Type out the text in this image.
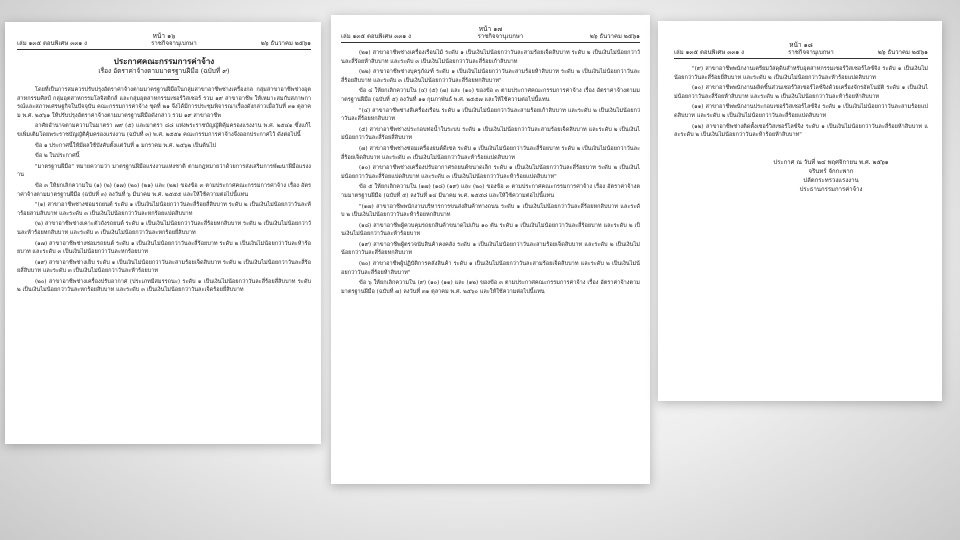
หน้า ๑๖
เล่ม ๑๓๕ ตอนพิเศษ ๓๓๑ ง	ราชกิจจานุเบกษา	๒๖ ธันวาคม ๒๕๖๑
ประกาศคณะกรรมการค่าจ้าง
เรื่อง อัตราค่าจ้างตามมาตรฐานฝีมือ (ฉบับที่ ๙)

โดยที่เป็นการสมควรปรับปรุงอัตราค่าจ้างตามมาตรฐานฝีมือในกลุ่มสาขาอาชีพช่างเครื่องกล กลุ่มสาขาอาชีพช่างอุตสาหกรรมศิลป์ กลุ่มอุตสาหกรรมโลจิสติกส์ และกลุ่มอุตสาหกรรมเซอร์วิสเซอร์ รวม ๑๙ สาขาอาชีพ ให้เหมาะสมกับสภาพการณ์และสภาพเศรษฐกิจในปัจจุบัน คณะกรรมการค่าจ้าง ชุดที่ ๒๑ จึงได้มีการประชุมพิจารณาเรื่องดังกล่าวเมื่อวันที่ ๓๑ ตุลาคม พ.ศ. ๒๕๖๑ ให้ปรับปรุงอัตราค่าจ้างตามมาตรฐานฝีมือดังกล่าว รวม ๑๙ สาขาอาชีพ

อาศัยอำนาจตามความในมาตรา ๗๙ (๕) และมาตรา ๘๘ แห่งพระราชบัญญัติคุ้มครองแรงงาน พ.ศ. ๒๕๔๑ ซึ่งแก้ไขเพิ่มเติมโดยพระราชบัญญัติคุ้มครองแรงงาน (ฉบับที่ ๓) พ.ศ. ๒๕๕๑ คณะกรรมการค่าจ้างจึงออกประกาศไว้ ดังต่อไปนี้

ข้อ ๑ ประกาศนี้ให้มีผลใช้บังคับตั้งแต่วันที่ ๑ มกราคม พ.ศ. ๒๕๖๒ เป็นต้นไป

ข้อ ๒ ในประกาศนี้

"มาตรฐานฝีมือ" หมายความว่า มาตรฐานฝีมือแรงงานแห่งชาติ ตามกฎหมายว่าด้วยการส่งเสริมการพัฒนาฝีมือแรงงาน

ข้อ ๓ ให้ยกเลิกความใน (๑) (๒) (๑๗) (๒๐) (๒๑) และ (๒๒) ของข้อ ๓ ตามประกาศคณะกรรมการค่าจ้าง เรื่อง อัตราค่าจ้างตามมาตรฐานฝีมือ (ฉบับที่ ๓) ลงวันที่ ๖ มีนาคม พ.ศ. ๒๕๕๕ และให้ใช้ความต่อไปนี้แทน

"(๑) สาขาอาชีพช่างซ่อมรถยนต์ ระดับ ๑ เป็นเงินไม่น้อยกว่าวันละสี่ร้อยสี่สิบบาท ระดับ ๒ เป็นเงินไม่น้อยกว่าวันละห้าร้อยสามสิบบาท และระดับ ๓ เป็นเงินไม่น้อยกว่าวันละหกร้อยแปดสิบบาท

(๒) สาขาอาชีพช่างเคาะตัวถังรถยนต์ ระดับ ๑ เป็นเงินไม่น้อยกว่าวันละสี่ร้อยหกสิบบาท ระดับ ๒ เป็นเงินไม่น้อยกว่าวันละห้าร้อยหกสิบบาท และระดับ ๓ เป็นเงินไม่น้อยกว่าวันละหกร้อยยี่สิบบาท

(๑๗) สาขาอาชีพช่างซ่อมรถยนต์ ระดับ ๑ เป็นเงินไม่น้อยกว่าวันละสี่ร้อยบาท ระดับ ๒ เป็นเงินไม่น้อยกว่าวันละห้าร้อยบาท และระดับ ๓ เป็นเงินไม่น้อยกว่าวันละหกร้อยบาท

(๑๙) สาขาอาชีพช่างเย็บ ระดับ ๑ เป็นเงินไม่น้อยกว่าวันละสามร้อยเจ็ดสิบบาท ระดับ ๒ เป็นเงินไม่น้อยกว่าวันละสี่ร้อยสี่สิบบาท และระดับ ๓ เป็นเงินไม่น้อยกว่าวันละห้าร้อยบาท

(๒๐) สาขาอาชีพช่างเครื่องปรับอากาศ (ประเภทมีสมรรถนะ) ระดับ ๑ เป็นเงินไม่น้อยกว่าวันละสี่ร้อยสี่สิบบาท ระดับ ๒ เป็นเงินไม่น้อยกว่าวันละหกร้อยสิบบาท และระดับ ๓ เป็นเงินไม่น้อยกว่าวันละเจ็ดร้อยยี่สิบบาท

หน้า ๑๗
เล่ม ๑๓๕ ตอนพิเศษ ๓๓๑ ง	ราชกิจจานุเบกษา	๒๖ ธันวาคม ๒๕๖๑

(๒๑) สาขาอาชีพช่างเครื่องเรือนไม้ ระดับ ๑ เป็นเงินไม่น้อยกว่าวันละสามร้อยเจ็ดสิบบาท ระดับ ๒ เป็นเงินไม่น้อยกว่าวันละสี่ร้อยห้าสิบบาท และระดับ ๓ เป็นเงินไม่น้อยกว่าวันละสี่ร้อยเก้าสิบบาท

(๒๒) สาขาอาชีพช่างบุครุภัณฑ์ ระดับ ๑ เป็นเงินไม่น้อยกว่าวันละสามร้อยห้าสิบบาท ระดับ ๒ เป็นเงินไม่น้อยกว่าวันละสี่ร้อยสิบบาท และระดับ ๓ เป็นเงินไม่น้อยกว่าวันละสี่ร้อยหกสิบบาท"

ข้อ ๔ ให้ยกเลิกความใน (๔) (๕) (๗) และ (๑๐) ของข้อ ๓ ตามประกาศคณะกรรมการค่าจ้าง เรื่อง อัตราค่าจ้างตามมาตรฐานฝีมือ (ฉบับที่ ๕) ลงวันที่ ๑๑ กุมภาพันธ์ พ.ศ. ๒๕๕๗ และให้ใช้ความต่อไปนี้แทน

"(๔) สาขาอาชีพช่างสีเครื่องเรือน ระดับ ๑ เป็นเงินไม่น้อยกว่าวันละสามร้อยเก้าสิบบาท และระดับ ๒ เป็นเงินไม่น้อยกว่าวันละสี่ร้อยหกสิบบาท

(๕) สาขาอาชีพช่างประกอบท่อน้ำในระบบ ระดับ ๑ เป็นเงินไม่น้อยกว่าวันละสามร้อยเจ็ดสิบบาท และระดับ ๒ เป็นเงินไม่น้อยกว่าวันละสี่ร้อยสี่สิบบาท

(๗) สาขาอาชีพช่างซ่อมเครื่องยนต์ดีเซล ระดับ ๑ เป็นเงินไม่น้อยกว่าวันละสี่ร้อยบาท ระดับ ๒ เป็นเงินไม่น้อยกว่าวันละสี่ร้อยเจ็ดสิบบาท และระดับ ๓ เป็นเงินไม่น้อยกว่าวันละห้าร้อยแปดสิบบาท

(๑๐) สาขาอาชีพช่างเครื่องปรับอากาศรถยนต์ขนาดเล็ก ระดับ ๑ เป็นเงินไม่น้อยกว่าวันละสี่ร้อยบาท ระดับ ๒ เป็นเงินไม่น้อยกว่าวันละสี่ร้อยแปดสิบบาท และระดับ ๓ เป็นเงินไม่น้อยกว่าวันละห้าร้อยแปดสิบบาท"

ข้อ ๕ ให้ยกเลิกความใน (๑๗) (๑๘) (๑๙) และ (๒๐) ของข้อ ๓ ตามประกาศคณะกรรมการค่าจ้าง เรื่อง อัตราค่าจ้างตามมาตรฐานฝีมือ (ฉบับที่ ๕) ลงวันที่ ๑๔ มีนาคม พ.ศ. ๒๕๕๘ และให้ใช้ความต่อไปนี้แทน

"(๑๗) สาขาอาชีพพนักงานบริหารการขนส่งสินค้าทางถนน ระดับ ๑ เป็นเงินไม่น้อยกว่าวันละสี่ร้อยหกสิบบาท และระดับ ๒ เป็นเงินไม่น้อยกว่าวันละห้าร้อยหกสิบบาท

(๑๘) สาขาอาชีพผู้ควบคุมรถยกสินค้าขนาดไม่เกิน ๑๐ ตัน ระดับ ๑ เป็นเงินไม่น้อยกว่าวันละสี่ร้อยบาท และระดับ ๒ เป็นเงินไม่น้อยกว่าวันละห้าร้อยบาท

(๑๙) สาขาอาชีพผู้ตรวจนับสินค้าคงคลัง ระดับ ๑ เป็นเงินไม่น้อยกว่าวันละสามร้อยเจ็ดสิบบาท และระดับ ๒ เป็นเงินไม่น้อยกว่าวันละสี่ร้อยหกสิบบาท

(๒๐) สาขาอาชีพผู้ปฏิบัติการคลังสินค้า ระดับ ๑ เป็นเงินไม่น้อยกว่าวันละสามร้อยเจ็ดสิบบาท และระดับ ๒ เป็นเงินไม่น้อยกว่าวันละสี่ร้อยห้าสิบบาท"

ข้อ ๖ ให้ยกเลิกความใน (๙) (๑๐) (๑๑) และ (๑๒) ของข้อ ๓ ตามประกาศคณะกรรมการค่าจ้าง เรื่อง อัตราค่าจ้างตามมาตรฐานฝีมือ (ฉบับที่ ๗) ลงวันที่ ๓๑ ตุลาคม พ.ศ. ๒๕๖๐ และให้ใช้ความต่อไปนี้แทน

หน้า ๑๘
เล่ม ๑๓๕ ตอนพิเศษ ๓๓๑ ง	ราชกิจจานุเบกษา	๒๖ ธันวาคม ๒๕๖๑

"(๙) สาขาอาชีพพนักงานเตรียมวัสดุดิบสำหรับอุตสาหกรรมเซอร์วิสเซอร์ไลซ์จิง ระดับ ๑ เป็นเงินไม่น้อยกว่าวันละสี่ร้อยยี่สิบบาท และระดับ ๒ เป็นเงินไม่น้อยกว่าวันละห้าร้อยแปดสิบบาท

(๑๐) สาขาอาชีพพนักงานผลิตชิ้นส่วนเซอร์วิสเซอร์ไลซ์จิงด้วยเครื่องจักรอัตโนมัติ ระดับ ๑ เป็นเงินไม่น้อยกว่าวันละสี่ร้อยห้าสิบบาท และระดับ ๒ เป็นเงินไม่น้อยกว่าวันละห้าร้อยห้าสิบบาท

(๑๑) สาขาอาชีพพนักงานประกอบเซอร์วิสเซอร์ไลซ์จิง ระดับ ๑ เป็นเงินไม่น้อยกว่าวันละสามร้อยแปดสิบบาท และระดับ ๒ เป็นเงินไม่น้อยกว่าวันละสี่ร้อยแปดสิบบาท

(๑๒) สาขาอาชีพช่างติดตั้งเซอร์วิสเซอร์ไลซ์จิง ระดับ ๑ เป็นเงินไม่น้อยกว่าวันละสี่ร้อยห้าสิบบาท และระดับ ๒ เป็นเงินไม่น้อยกว่าวันละห้าร้อยห้าสิบบาท"

ประกาศ ณ วันที่ ๒๔ พฤศจิกายน พ.ศ. ๒๕๖๑
จรินทร์ จักกะพาก
ปลัดกระทรวงแรงงาน
ประธานกรรมการค่าจ้าง
